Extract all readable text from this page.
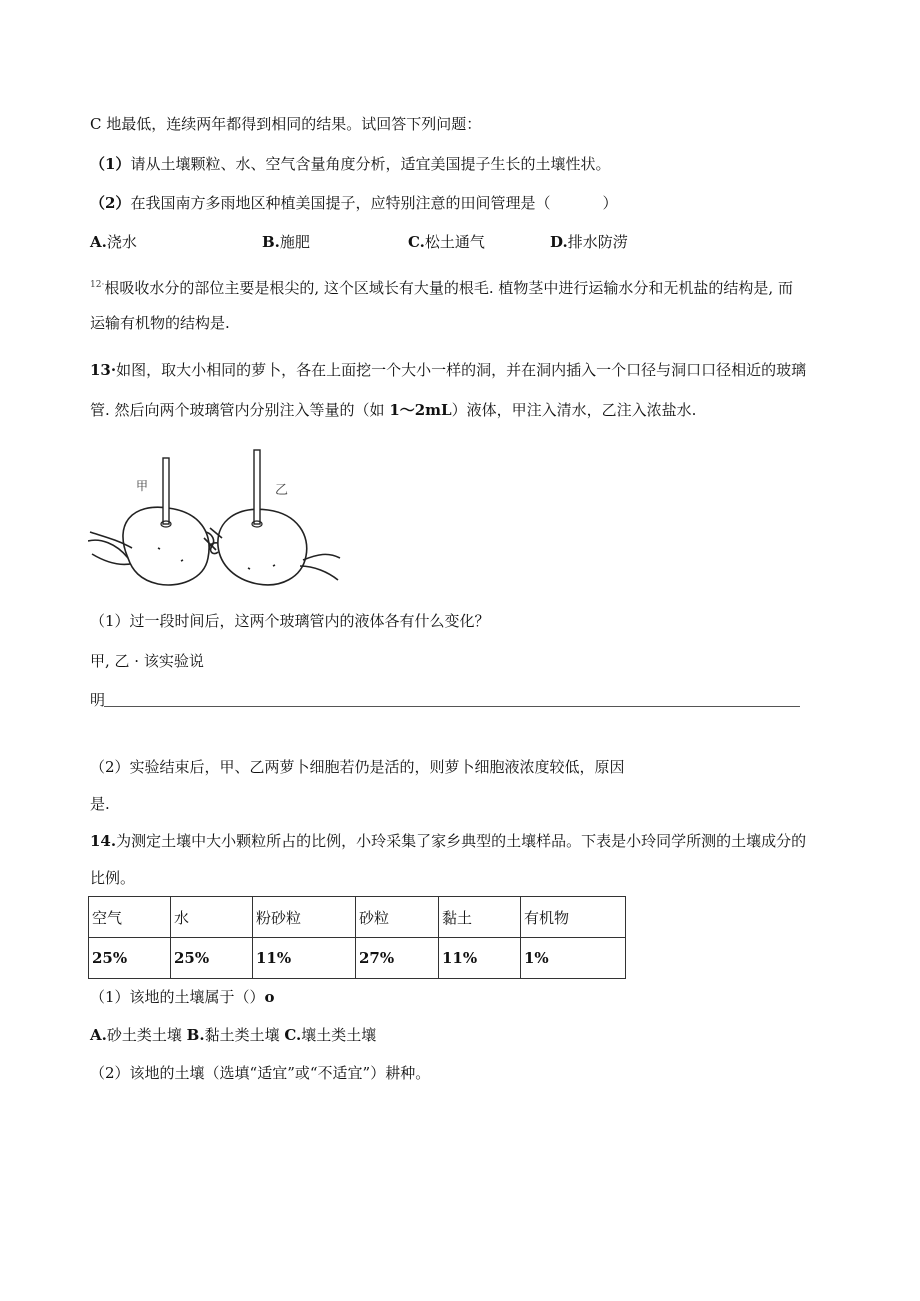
C 地最低，连续两年都得到相同的结果。试回答下列问题：
（1）请从土壤颗粒、水、空气含量角度分析，适宜美国提子生长的土壤性状。
（2）在我国南方多雨地区种植美国提子，应特别注意的田间管理是（	）
A.浇水	B.施肥	C.松土通气	D.排水防涝
$^{12\cdot}$根吸收水分的部位主要是根尖的, 这个区域长有大量的根毛. 植物茎中进行运输水分和无机盐的结构是, 而
运输有机物的结构是.
13·如图，取大小相同的萝卜，各在上面挖一个大小一样的洞，并在洞内插入一个口径与洞口口径相近的玻璃
管. 然后向两个玻璃管内分别注入等量的（如 1～2mL）液体，甲注入清水，乙注入浓盐水.
甲	乙
（1）过一段时间后，这两个玻璃管内的液体各有什么变化？
甲, 乙 · 该实验说
明
（2）实验结束后，甲、乙两萝卜细胞若仍是活的，则萝卜细胞液浓度较低，原因
是.
14.为测定土壤中大小颗粒所占的比例，小玲采集了家乡典型的土壤样品。下表是小玲同学所测的土壤成分的
比例。
空气	水	粉砂粒	砂粒	黏土	有机物
25%	25%	11%	27%	11%	1%
（1）该地的土壤属于（）o
A.砂土类土壤 B.黏土类土壤 C.壤土类土壤
（2）该地的土壤（选填“适宜”或“不适宜”）耕种。
